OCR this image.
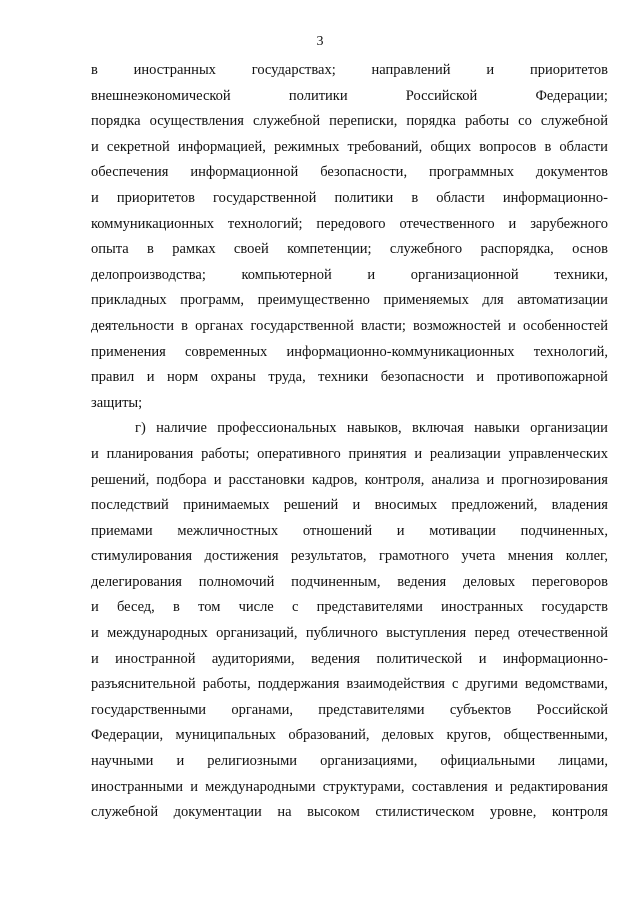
3
в иностранных государствах; направлений и приоритетов
внешнеэкономической	политики	Российской	Федерации;
порядка осуществления служебной переписки, порядка работы со служебной
и секретной информацией, режимных требований, общих вопросов в области
обеспечения информационной безопасности, программных документов
и приоритетов государственной политики в области информационно-
коммуникационных технологий; передового отечественного и зарубежного
опыта в рамках своей компетенции; служебного распорядка, основ
делопроизводства; компьютерной и организационной техники,
прикладных программ, преимущественно применяемых для автоматизации
деятельности в органах государственной власти; возможностей и особенностей
применения современных информационно-коммуникационных технологий,
правил и норм охраны труда, техники безопасности и противопожарной
защиты;
г) наличие профессиональных навыков, включая навыки организации
и планирования работы; оперативного принятия и реализации управленческих
решений, подбора и расстановки кадров, контроля, анализа и прогнозирования
последствий принимаемых решений и вносимых предложений, владения
приемами межличностных отношений и мотивации подчиненных,
стимулирования достижения результатов, грамотного учета мнения коллег,
делегирования полномочий подчиненным, ведения деловых переговоров
и бесед, в том числе с представителями иностранных государств
и международных организаций, публичного выступления перед отечественной
и иностранной аудиториями, ведения политической и информационно-
разъяснительной работы, поддержания взаимодействия с другими ведомствами,
государственными органами, представителями субъектов Российской
Федерации, муниципальных образований, деловых кругов, общественными,
научными и религиозными организациями, официальными лицами,
иностранными и международными структурами, составления и редактирования
служебной документации на высоком стилистическом уровне, контроля
